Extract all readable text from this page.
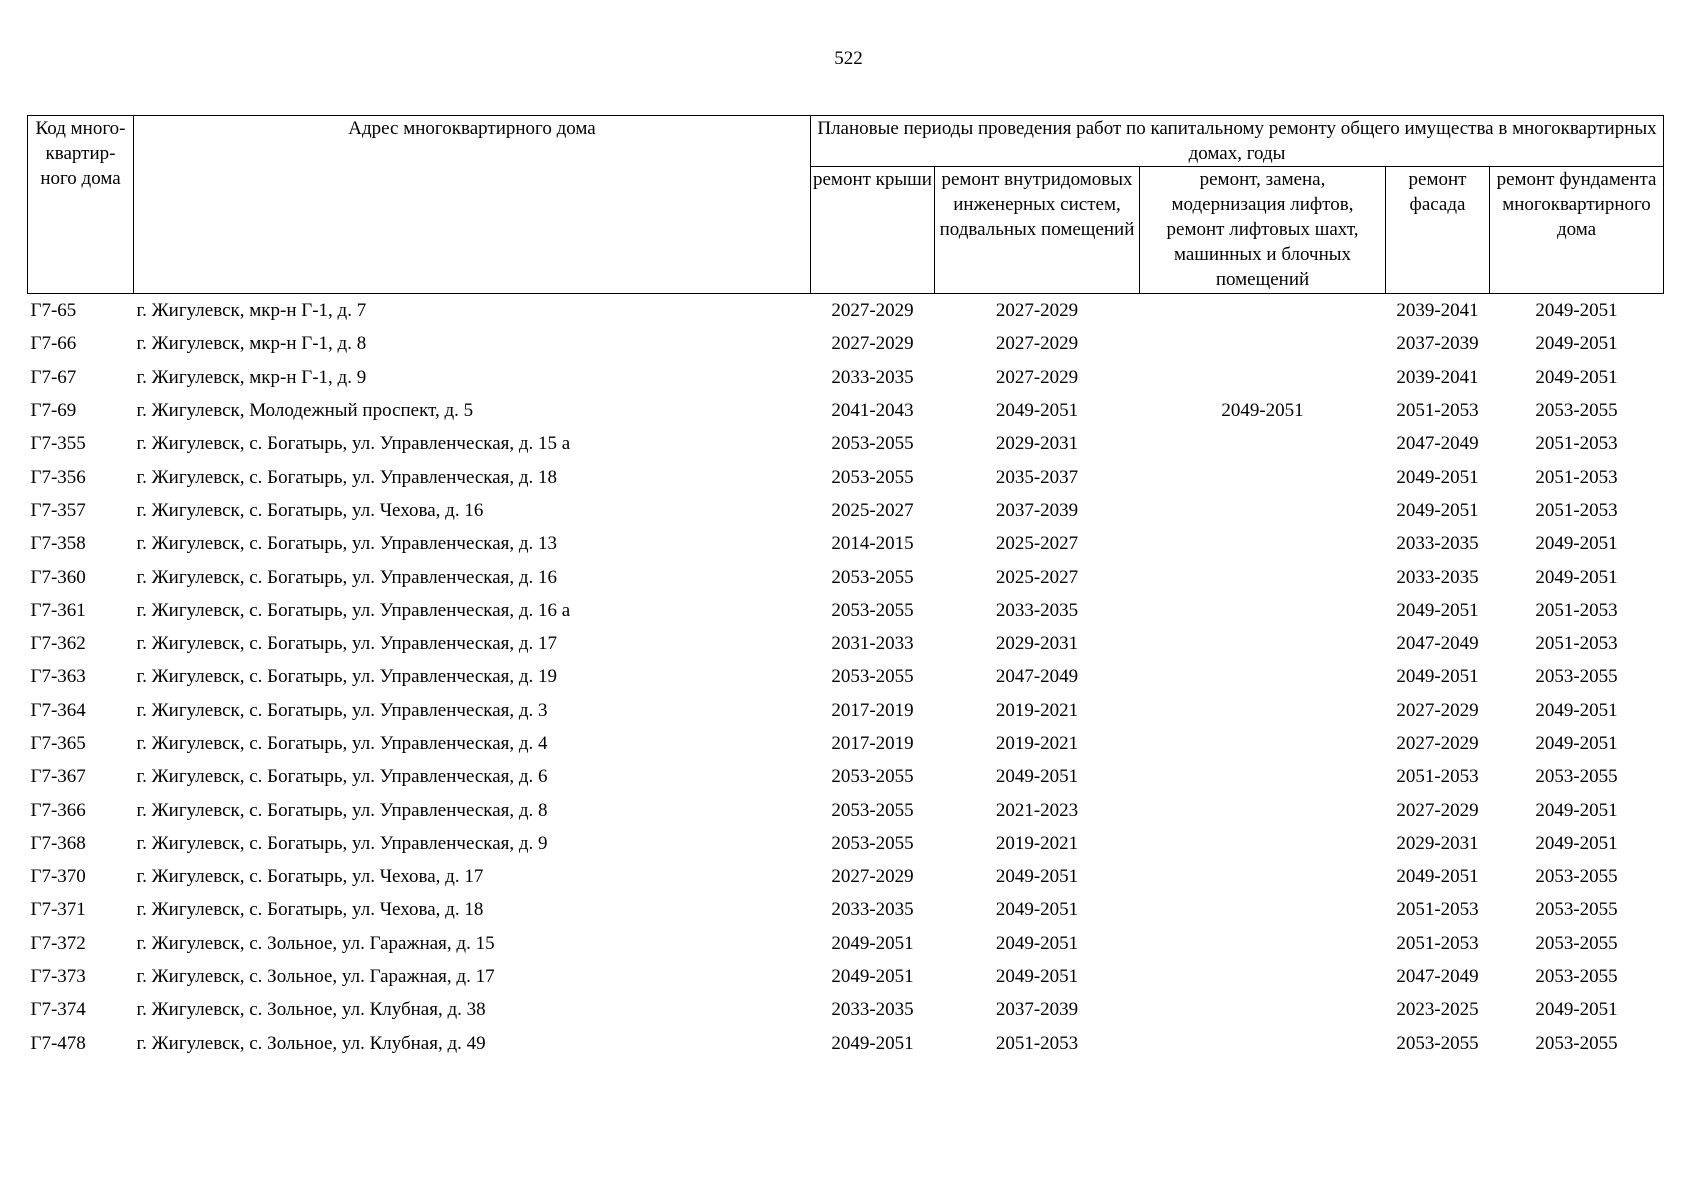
522
Код много-квартир-ного дома	Адрес многоквартирного дома	Плановые периоды проведения работ по капитальному ремонту общего имущества в многоквартирных домах, годы				
		ремонт крыши	ремонт внутридомовых инженерных систем, подвальных помещений	ремонт, замена, модернизация лифтов, ремонт лифтовых шахт, машинных и блочных помещений	ремонт фасада	ремонт фундамента многоквартирного дома
Г7-65	г. Жигулевск, мкр-н Г-1, д. 7	2027-2029	2027-2029		2039-2041	2049-2051
Г7-66	г. Жигулевск, мкр-н Г-1, д. 8	2027-2029	2027-2029		2037-2039	2049-2051
Г7-67	г. Жигулевск, мкр-н Г-1, д. 9	2033-2035	2027-2029		2039-2041	2049-2051
Г7-69	г. Жигулевск, Молодежный проспект, д. 5	2041-2043	2049-2051	2049-2051	2051-2053	2053-2055
Г7-355	г. Жигулевск, с. Богатырь, ул. Управленческая, д. 15 а	2053-2055	2029-2031		2047-2049	2051-2053
Г7-356	г. Жигулевск, с. Богатырь, ул. Управленческая, д. 18	2053-2055	2035-2037		2049-2051	2051-2053
Г7-357	г. Жигулевск, с. Богатырь, ул. Чехова, д. 16	2025-2027	2037-2039		2049-2051	2051-2053
Г7-358	г. Жигулевск, с. Богатырь, ул. Управленческая, д. 13	2014-2015	2025-2027		2033-2035	2049-2051
Г7-360	г. Жигулевск, с. Богатырь, ул. Управленческая, д. 16	2053-2055	2025-2027		2033-2035	2049-2051
Г7-361	г. Жигулевск, с. Богатырь, ул. Управленческая, д. 16 а	2053-2055	2033-2035		2049-2051	2051-2053
Г7-362	г. Жигулевск, с. Богатырь, ул. Управленческая, д. 17	2031-2033	2029-2031		2047-2049	2051-2053
Г7-363	г. Жигулевск, с. Богатырь, ул. Управленческая, д. 19	2053-2055	2047-2049		2049-2051	2053-2055
Г7-364	г. Жигулевск, с. Богатырь, ул. Управленческая, д. 3	2017-2019	2019-2021		2027-2029	2049-2051
Г7-365	г. Жигулевск, с. Богатырь, ул. Управленческая, д. 4	2017-2019	2019-2021		2027-2029	2049-2051
Г7-367	г. Жигулевск, с. Богатырь, ул. Управленческая, д. 6	2053-2055	2049-2051		2051-2053	2053-2055
Г7-366	г. Жигулевск, с. Богатырь, ул. Управленческая, д. 8	2053-2055	2021-2023		2027-2029	2049-2051
Г7-368	г. Жигулевск, с. Богатырь, ул. Управленческая, д. 9	2053-2055	2019-2021		2029-2031	2049-2051
Г7-370	г. Жигулевск, с. Богатырь, ул. Чехова, д. 17	2027-2029	2049-2051		2049-2051	2053-2055
Г7-371	г. Жигулевск, с. Богатырь, ул. Чехова, д. 18	2033-2035	2049-2051		2051-2053	2053-2055
Г7-372	г. Жигулевск, с. Зольное, ул. Гаражная, д. 15	2049-2051	2049-2051		2051-2053	2053-2055
Г7-373	г. Жигулевск, с. Зольное, ул. Гаражная, д. 17	2049-2051	2049-2051		2047-2049	2053-2055
Г7-374	г. Жигулевск, с. Зольное, ул. Клубная, д. 38	2033-2035	2037-2039		2023-2025	2049-2051
Г7-478	г. Жигулевск, с. Зольное, ул. Клубная, д. 49	2049-2051	2051-2053		2053-2055	2053-2055
